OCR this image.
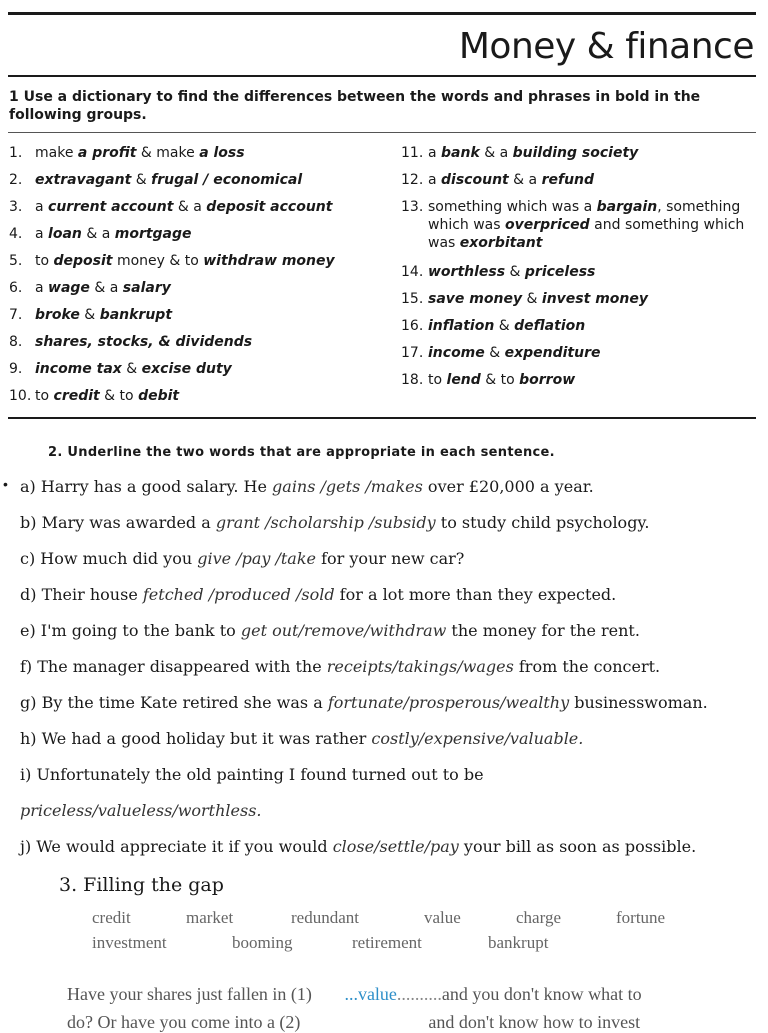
Money & finance
1 Use a dictionary to find the differences between the words and phrases in bold in the following groups.
1. make a profit & make a loss
2. extravagant & frugal / economical
3. a current account & a deposit account
4. a loan & a mortgage
5. to deposit money & to withdraw money
6. a wage & a salary
7. broke & bankrupt
8. shares, stocks, & dividends
9. income tax & excise duty
10. to credit & to debit
11. a bank & a building society
12. a discount & a refund
13. something which was a bargain, something which was overpriced and something which was exorbitant
14. worthless & priceless
15. save money & invest money
16. inflation & deflation
17. income & expenditure
18. to lend & to borrow
2. Underline the two words that are appropriate in each sentence.
• a) Harry has a good salary. He gains /gets /makes over £20,000 a year.
b) Mary was awarded a grant /scholarship /subsidy to study child psychology.
c) How much did you give /pay /take for your new car?
d) Their house fetched /produced /sold for a lot more than they expected.
e) I'm going to the bank to get out/remove/withdraw the money for the rent.
f) The manager disappeared with the receipts/takings/wages from the concert.
g) By the time Kate retired she was a fortunate/prosperous/wealthy businesswoman.
h) We had a good holiday but it was rather costly/expensive/valuable.
i) Unfortunately the old painting I found turned out to be
priceless/valueless/worthless.
j) We would appreciate it if you would close/settle/pay your bill as soon as possible.
3. Filling the gap
credit	market	redundant	value	charge	fortune
investment	booming	retirement	bankrupt
Have your shares just fallen in (1) ...value..........and you don't know what to
do? Or have you come into a (2)	and don't know how to invest
